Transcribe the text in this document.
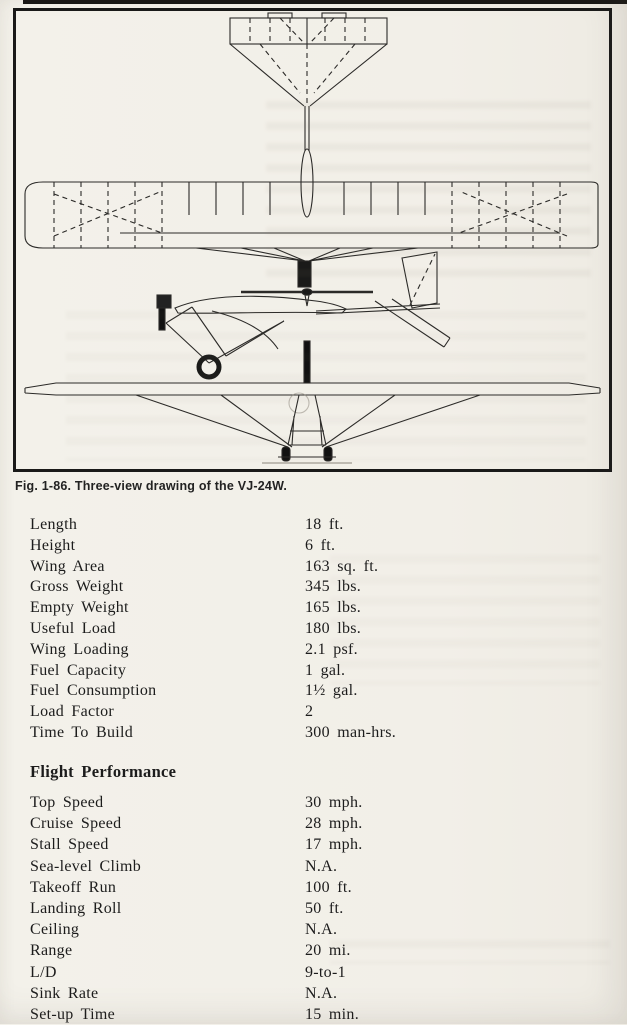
Fig. 1-86. Three-view drawing of the VJ-24W.
Length	18 ft.
Height	6 ft.
Wing Area	163 sq. ft.
Gross Weight	345 lbs.
Empty Weight	165 lbs.
Useful Load	180 lbs.
Wing Loading	2.1 psf.
Fuel Capacity	1 gal.
Fuel Consumption	1½ gal.
Load Factor	2
Time To Build	300 man-hrs.
Flight Performance
Top Speed	30 mph.
Cruise Speed	28 mph.
Stall Speed	17 mph.
Sea-level Climb	N.A.
Takeoff Run	100 ft.
Landing Roll	50 ft.
Ceiling	N.A.
Range	20 mi.
L/D	9-to-1
Sink Rate	N.A.
Set-up Time	15 min.
